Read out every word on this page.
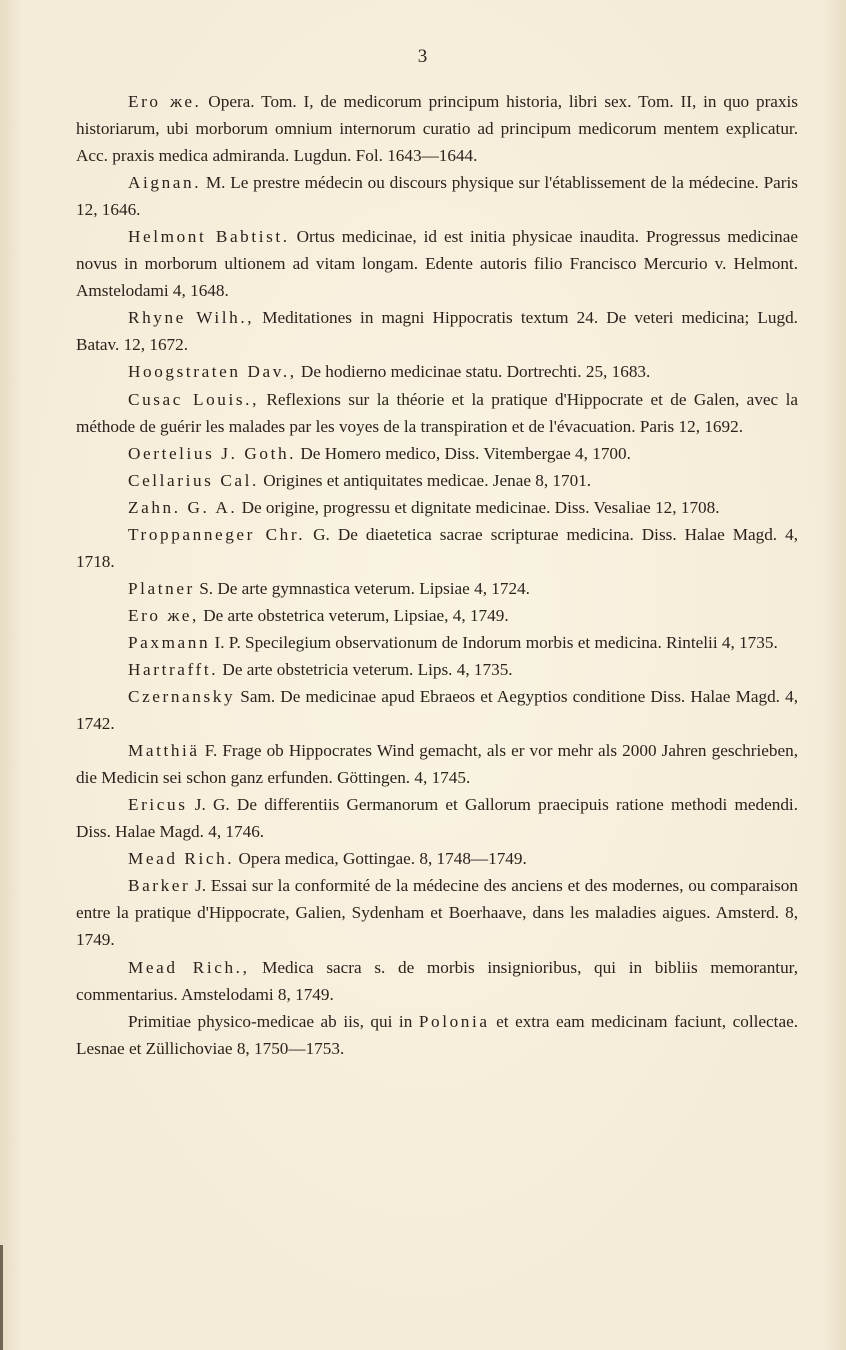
3

Ero же. Opera. Tom. I, de medicorum principum historia, libri sex. Tom. II, in quo praxis historiarum, ubi morborum omnium internorum curatio ad principum medicorum mentem explicatur. Acc. praxis medica admiranda. Lugdun. Fol. 1643—1644.

Aignan. M. Le prestre médecin ou discours physique sur l'établissement de la médecine. Paris 12, 1646.

Helmont Babtist. Ortus medicinae, id est initia physicae inaudita. Progressus medicinae novus in morborum ultionem ad vitam longam. Edente autoris filio Francisco Mercurio v. Helmont. Amstelodami 4, 1648.

Rhyne Wilh., Meditationes in magni Hippocratis textum 24. De veteri medicina; Lugd. Batav. 12, 1672.

Hoogstraten Dav., De hodierno medicinae statu. Dortrechti. 25, 1683.

Cusac Louis., Reflexions sur la théorie et la pratique d'Hippocrate et de Galen, avec la méthode de guérir les malades par les voyes de la transpiration et de l'évacuation. Paris 12, 1692.

Oertelius J. Goth. De Homero medico, Diss. Vitembergae 4, 1700.

Cellarius Cal. Origines et antiquitates medicae. Jenae 8, 1701.

Zahn. G. A. De origine, progressu et dignitate medicinae. Diss. Vesaliae 12, 1708.

Troppanneger Chr. G. De diaetetica sacrae scripturae medicina. Diss. Halae Magd. 4, 1718.

Platner S. De arte gymnastica veterum. Lipsiae 4, 1724.

Ero же, De arte obstetrica veterum, Lipsiae, 4, 1749.

Paxmann I. P. Specilegium observationum de Indorum morbis et medicina. Rintelii 4, 1735.

Hartrafft. De arte obstetricia veterum. Lips. 4, 1735.

Czernansky Sam. De medicinae apud Ebraeos et Aegyptios conditione Diss. Halae Magd. 4, 1742.

Matthiä F. Frage ob Hippocrates Wind gemacht, als er vor mehr als 2000 Jahren geschrieben, die Medicin sei schon ganz erfunden. Göttingen. 4, 1745.

Ericus J. G. De differentiis Germanorum et Gallorum praecipuis ratione methodi medendi. Diss. Halae Magd. 4, 1746.

Mead Rich. Opera medica, Gottingae. 8, 1748—1749.

Barker J. Essai sur la conformité de la médecine des anciens et des modernes, ou comparaison entre la pratique d'Hippocrate, Galien, Sydenham et Boerhaave, dans les maladies aigues. Amsterd. 8, 1749.

Mead Rich., Medica sacra s. de morbis insignioribus, qui in bibliis memorantur, commentarius. Amstelodami 8, 1749.

Primitiae physico-medicae ab iis, qui in Polonia et extra eam medicinam faciunt, collectae. Lesnae et Züllichoviae 8, 1750—1753.
